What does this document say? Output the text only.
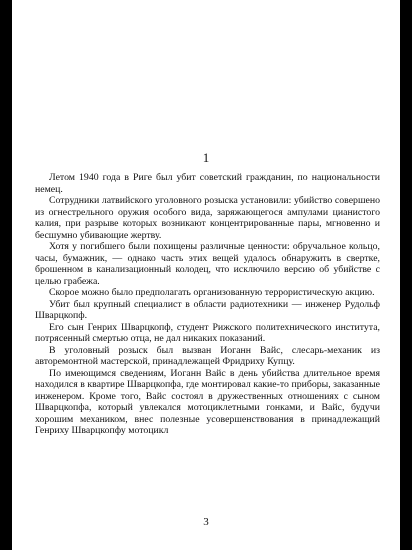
1

Летом 1940 года в Риге был убит советский гражданин, по национальности немец.

Сотрудники латвийского уголовного розыска установили: убийство совершено из огнестрельного оружия особого вида, заряжающегося ампулами цианистого калия, при разрыве которых возникают концентрированные пары, мгновенно и бесшумно убивающие жертву.

Хотя у погибшего были похищены различные ценности: обручальное кольцо, часы, бумажник, — однако часть этих вещей удалось обнаружить в свертке, брошенном в канализационный колодец, что исключило версию об убийстве с целью грабежа.

Скорое можно было предполагать организованную террористическую акцию.

Убит был крупный специалист в области радиотехники — инженер Рудольф Шварцкопф.

Его сын Генрих Шварцкопф, студент Рижского политехнического института, потрясенный смертью отца, не дал никаких показаний.

В уголовный розыск был вызван Иоганн Вайс, слесарь-механик из авторемонтной мастерской, принадлежащей Фридриху Купцу.

По имеющимся сведениям, Иоганн Вайс в день убийства длительное время находился в квартире Шварцкопфа, где монтировал какие-то приборы, заказанные инженером. Кроме того, Вайс состоял в дружественных отношениях с сыном Шварцкопфа, который увлекался мотоциклетными гонками, и Вайс, будучи хорошим механиком, внес полезные усовершенствования в принадлежащий Генриху Шварцкопфу мотоцикл

3
